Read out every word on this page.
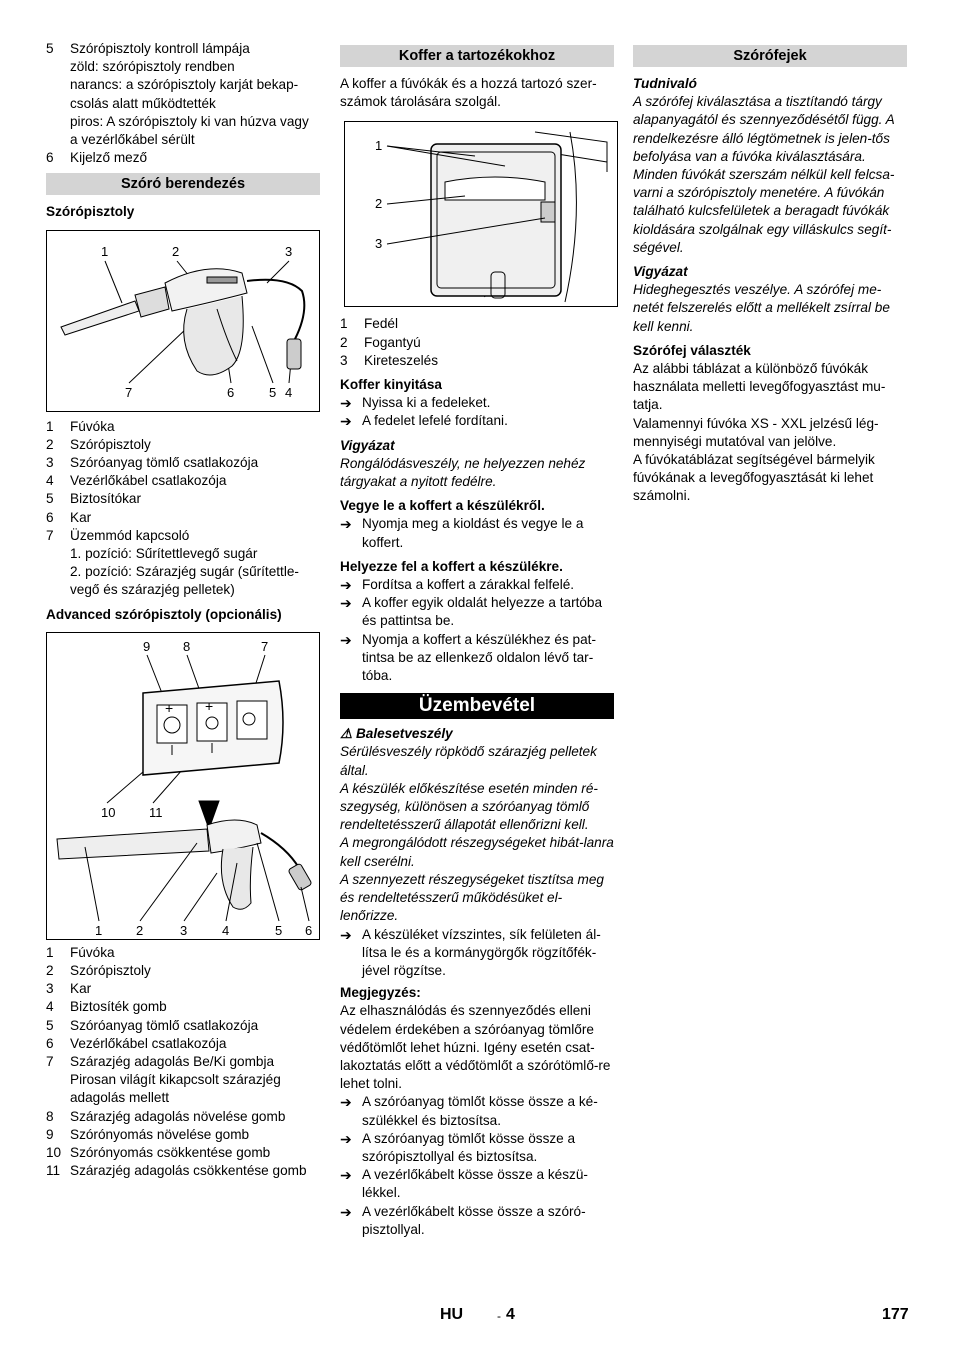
5	Szórópisztoly kontroll lámpája
zöld: szórópisztoly rendben
narancs: a szórópisztoly karját bekap-csolás alatt működtették
piros: A szórópisztoly ki van húzva vagy a vezérlőkábel sérült
6	Kijelző mező
Szóró berendezés
Szórópisztoly
1	2	3
7	6	5 4
1	Fúvóka
2	Szórópisztoly
3	Szóróanyag tömlő csatlakozója
4	Vezérlőkábel csatlakozója
5	Biztosítókar
6	Kar
7	Üzemmód kapcsoló
1. pozíció: Sűrítettlevegő sugár
2. pozíció: Szárazjég sugár (sűrítettle-vegő és szárazjég pelletek)
Advanced szórópisztoly (opcionális)
9	8	7
10	11
1	2	3	4	5 6
+ +
1	Fúvóka
2	Szórópisztoly
3	Kar
4	Biztosíték gomb
5	Szóróanyag tömlő csatlakozója
6	Vezérlőkábel csatlakozója
7	Szárazjég adagolás Be/Ki gombja
Pirosan világít kikapcsolt szárazjég adagolás mellett
8	Szárazjég adagolás növelése gomb
9	Szórónyomás növelése gomb
10 Szórónyomás csökkentése gomb
11 Szárazjég adagolás csökkentése gomb
Koffer a tartozékokhoz

A koffer a fúvókák és a hozzá tartozó szer-számok tárolására szolgál.

1
2
3
1	Fedél
2	Fogantyú
3	Kireteszelés
Koffer kinyitása
➔ Nyissa ki a fedeleket.
➔ A fedelet lefelé fordítani.
Vigyázat

Rongálódásveszély, ne helyezzen nehéz tárgyakat a nyitott fedélre.

Vegye le a koffert a készülékről.
➔ Nyomja meg a kioldást és vegye le a koffert.
Helyezze fel a koffert a készülékre.
➔ Fordítsa a koffert a zárakkal felfelé.
➔ A koffer egyik oldalát helyezze a tartóba és pattintsa be.
➔ Nyomja a koffert a készülékhez és pat-tintsa be az ellenkező oldalon lévő tar-tóba.
Üzembevétel
⚠ Balesetveszély

Sérülésveszély röpködő szárazjég pelletek által.

A készülék előkészítése esetén minden ré-szegység, különösen a szóróanyag tömlő rendeltetésszerű állapotát ellenőrizni kell.

A megrongálódott részegységeket hibát-lanra kell cserélni.

A szennyezett részegységeket tisztítsa meg és rendeltetésszerű működésüket el-lenőrizze.

➔ A készüléket vízszintes, sík felületen ál-lítsa le és a kormánygörgők rögzítőfék-jével rögzítse.
Megjegyzés:

Az elhasználódás és szennyeződés elleni védelem érdekében a szóróanyag tömlőre védőtömlőt lehet húzni. Igény esetén csat-lakoztatás előtt a védőtömlőt a szórótömlő-re lehet tolni.

➔ A szóróanyag tömlőt kösse össze a ké-szülékkel és biztosítsa.
➔ A szóróanyag tömlőt kösse össze a szórópisztollyal és biztosítsa.
➔ A vezérlőkábelt kösse össze a készü-lékkel.
➔ A vezérlőkábelt kösse össze a szóró-pisztollyal.
Szórófejek
Tudnivaló

A szórófej kiválasztása a tisztítandó tárgy alapanyagától és szennyeződésétől függ. A rendelkezésre álló légtömetnek is jelen-tős befolyása van a fúvóka kiválasztására. Minden fúvókát szerszám nélkül kell felcsa-varni a szórópisztoly menetére. A fúvókán található kulcsfelületek a beragadt fúvókák kioldására szolgálnak egy villáskulcs segít-ségével.

Vigyázat

Hideghegesztés veszélye. A szórófej me-netét felszerelés előtt a mellékelt zsírral be kell kenni.

Szórófej választék

Az alábbi táblázat a különböző fúvókák használata melletti levegőfogyasztást mu-tatja.

Valamennyi fúvóka XS - XXL jelzésű lég-mennyiségi mutatóval van jelölve.

A fúvókatáblázat segítségével bármelyik fúvókának a levegőfogyasztását ki lehet számolni.

HU	- 4	177
